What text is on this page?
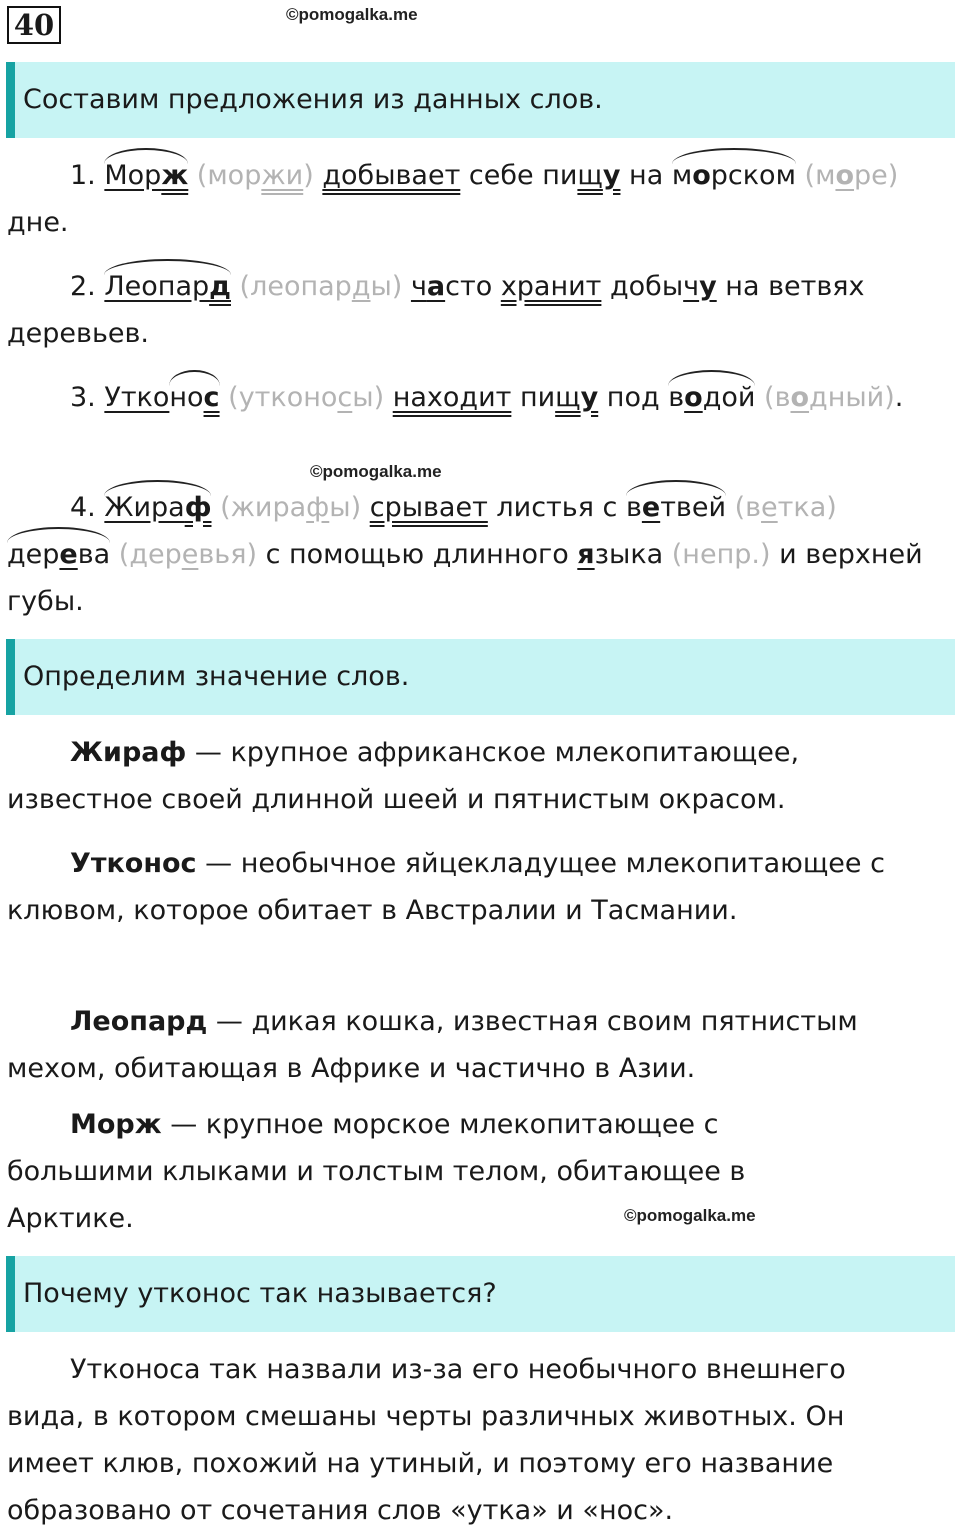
40	©pomogalka.me
Составим предложения из данных слов.

1. Морж (моржи) добывает себе пищу на морском (море) дне.

2. Леопард (леопарды) часто хранит добычу на ветвях деревьев.

3. Утконос (утконосы) находит пищу под водой (водный).

©pomogalka.me

4. Жираф (жирафы) срывает листья с ветвей (ветка) дерева (деревья) с помощью длинного языка (непр.) и верхней губы.

Определим значение слов.

Жираф — крупное африканское млекопитающее, известное своей длинной шеей и пятнистым окрасом.

Утконос — необычное яйцекладущее млекопитающее с клювом, которое обитает в Австралии и Тасмании.

Леопард — дикая кошка, известная своим пятнистым мехом, обитающая в Африке и частично в Азии.

Морж — крупное морское млекопитающее с большими клыками и толстым телом, обитающее в Арктике.	©pomogalka.me
Почему утконос так называется?

Утконоса так назвали из-за его необычного внешнего вида, в котором смешаны черты различных животных. Он имеет клюв, похожий на утиный, и поэтому его название образовано от сочетания слов «утка» и «нос».
